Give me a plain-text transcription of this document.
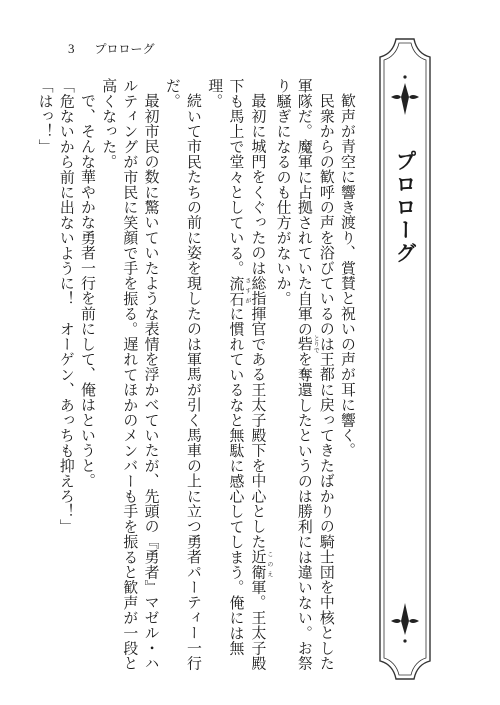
3 プロローグ

歓声が青空に響き渡り、賞賛と祝いの声が耳に響く。

民衆からの歓呼の声を浴びているのは王都に戻ってきたばかりの騎士団を中核とした軍隊だ。魔軍に占拠されていた自軍の砦とりでを奪還したというのは勝利には違いない。お祭り騒ぎになるのも仕方がないか。

最初に城門をくぐったのは総指揮官である王太子殿下を中心とした近衛このえ軍。王太子殿下も馬上で堂々としている。流石さすがに慣れているなと無駄に感心してしまう。俺には無理。

続いて市民たちの前に姿を現したのは軍馬が引く馬車の上に立つ勇者パーティー一行だ。

最初市民の数に驚いていたような表情を浮かべていたが、先頭の『勇者』マゼル・ハルティングが市民に笑顔で手を振る。遅れてほかのメンバーも手を振ると歓声が一段と高くなった。

で、そんな華やかな勇者一行を前にして、俺はというと。

「危ないから前に出ないように！　オーゲン、あっちも抑えろ！」

「はっ！」

プロローグ
